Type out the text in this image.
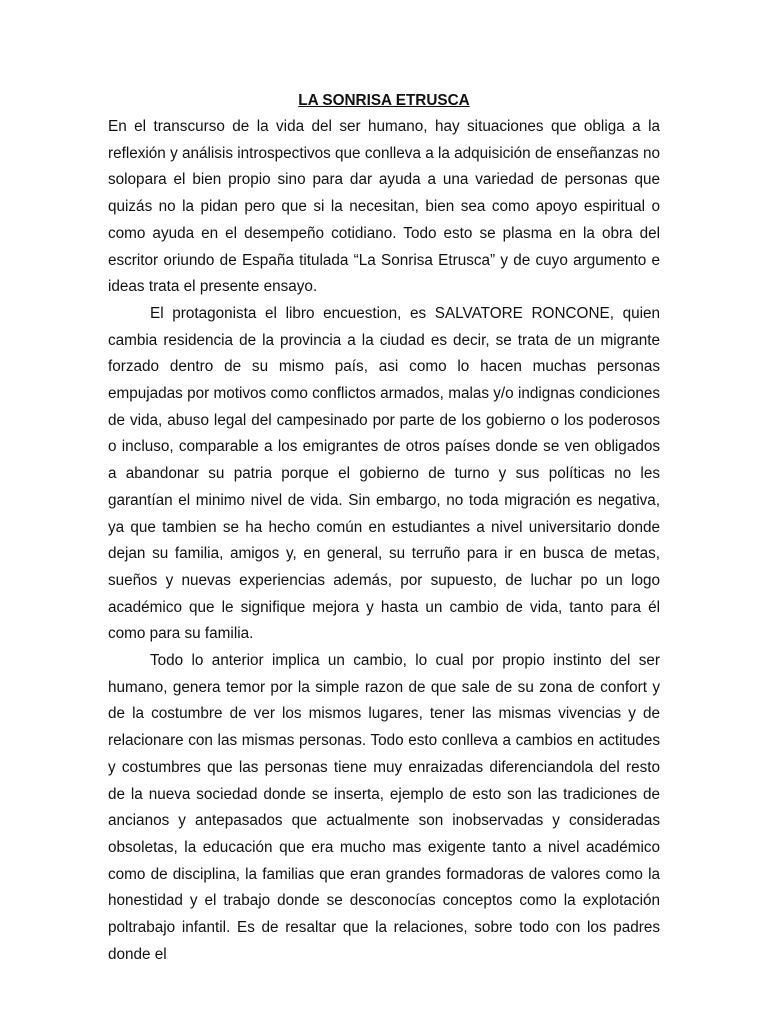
LA SONRISA ETRUSCA

En el transcurso de la vida del ser humano, hay situaciones que obliga a la reflexión y análisis introspectivos que conlleva a la adquisición de enseñanzas no solopara el bien propio sino para dar ayuda a una variedad de personas que quizás no la pidan pero que si la necesitan, bien sea como apoyo espiritual o como ayuda en el desempeño cotidiano. Todo esto se plasma en la obra del escritor oriundo de España titulada “La Sonrisa Etrusca” y de cuyo argumento e ideas trata el presente ensayo.

El protagonista el libro encuestion, es SALVATORE RONCONE, quien cambia residencia de la provincia a la ciudad es decir, se trata de un migrante forzado dentro de su mismo país, asi como lo hacen muchas personas empujadas por motivos como conflictos armados, malas y/o indignas condiciones de vida, abuso legal del campesinado por parte de los gobierno o los poderosos o incluso, comparable a los emigrantes de otros países donde se ven obligados a abandonar su patria porque el gobierno de turno y sus políticas no les garantían el minimo nivel de vida. Sin embargo, no toda migración es negativa, ya que tambien se ha hecho común en estudiantes a nivel universitario donde dejan su familia, amigos y, en general, su terruño para ir en busca de metas, sueños y nuevas experiencias además, por supuesto, de luchar po un logo académico que le signifique mejora y hasta un cambio de vida, tanto para él como para su familia.

Todo lo anterior implica un cambio, lo cual por propio instinto del ser humano, genera temor por la simple razon de que sale de su zona de confort y de la costumbre de ver los mismos lugares, tener las mismas vivencias y de relacionare con las mismas personas. Todo esto conlleva a cambios en actitudes y costumbres que las personas tiene muy enraizadas diferenciandola del resto de la nueva sociedad donde se inserta, ejemplo de esto son las tradiciones de ancianos y antepasados que actualmente son inobservadas y consideradas obsoletas, la educación que era mucho mas exigente tanto a nivel académico como de disciplina, la familias que eran grandes formadoras de valores como la honestidad y el trabajo donde se desconocías conceptos como la explotación poltrabajo infantil. Es de resaltar que la relaciones, sobre todo con los padres donde el
